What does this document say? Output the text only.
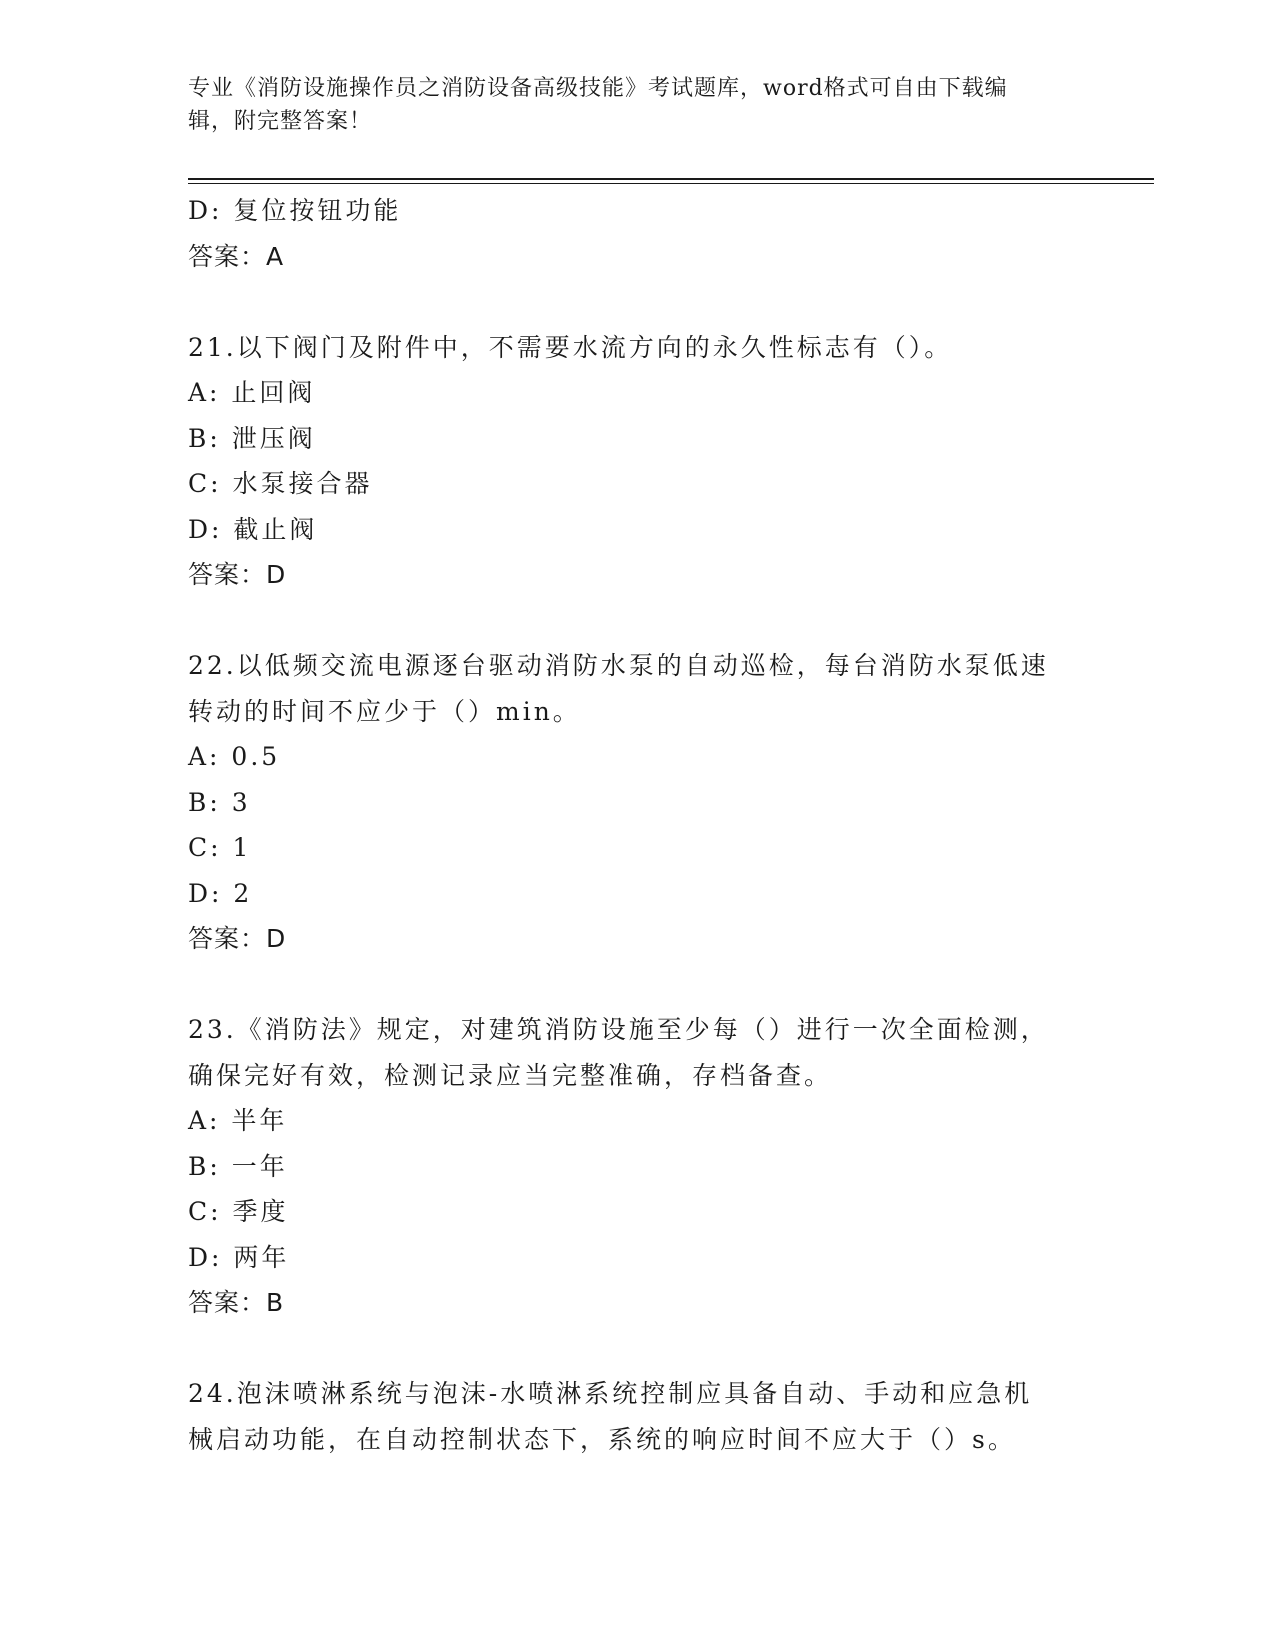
专业《消防设施操作员之消防设备高级技能》考试题库，word格式可自由下载编
辑，附完整答案！
D: 复位按钮功能
答案：A
21.以下阀门及附件中，不需要水流方向的永久性标志有（）。
A: 止回阀
B: 泄压阀
C: 水泵接合器
D: 截止阀
答案：D
22.以低频交流电源逐台驱动消防水泵的自动巡检，每台消防水泵低速
转动的时间不应少于（）min。
A: 0.5
B: 3
C: 1
D: 2
答案：D
23.《消防法》规定，对建筑消防设施至少每（）进行一次全面检测，
确保完好有效，检测记录应当完整准确，存档备查。
A: 半年
B: 一年
C: 季度
D: 两年
答案：B
24.泡沫喷淋系统与泡沫-水喷淋系统控制应具备自动、手动和应急机
械启动功能，在自动控制状态下，系统的响应时间不应大于（）s。
